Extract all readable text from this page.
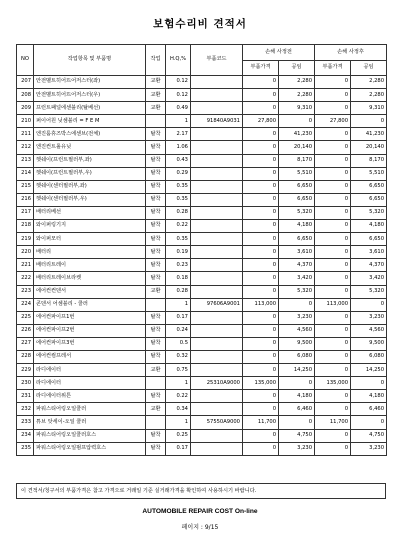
보험수리비 견적서
NO	작업항목 및 부품명	작업	H.Q,%	부품코드	손해 사정전		손해 사정후	
					부품가격	공임	부품가격	공임
207	안전벨트히어뜨어저스터(좌)	교환	0.12		0	2,280	0	2,280
208	안전벨트히어뜨어저스터(우)	교환	0.12		0	2,280	0	2,280
209	프런트패널에센블리(탈베선)	교환	0.49		0	9,310	0	9,310
210	퍼이어원 닛셈블리 = F E M		1	91840A9031	27,800	0	27,800	0
211	엔진룸휴즈박스에센브(전체)	탈착	2.17		0	41,230	0	41,230
212	엔진컨트롤유닛	탈착	1.06		0	20,140	0	20,140
213	헷쉐이(프런트필러부,좌)	탈착	0.43		0	8,170	0	8,170
214	헷쉐이(프런트필러부,우)	탈착	0.29		0	5,510	0	5,510
215	헷쉐이(센터필러부,좌)	탈착	0.35		0	6,650	0	6,650
216	헷쉐이(센터필러부,우)	탈착	0.35		0	6,650	0	6,650
217	배터리베선	탈착	0.28		0	5,320	0	5,320
218	와이퍼링기지	탈착	0.22		0	4,180	0	4,180
219	와이퍼모터	탈착	0.35		0	6,650	0	6,650
220	배터리	탈착	0.19		0	3,610	0	3,610
221	배터리트레이	탈착	0.23		0	4,370	0	4,370
222	배터리트레이브라켓	탈착	0.18		0	3,420	0	3,420
223	에어컨컨덴서	교환	0.28		0	5,320	0	5,320
224	콘덴서 어셈블리 - 쿨러		1	97606A9001	113,000	0	113,000	0
225	에어컨파이프1번	탈착	0.17		0	3,230	0	3,230
226	에어컨파이프2번	탈착	0.24		0	4,560	0	4,560
227	에어컨파이프3번	탈착	0.5		0	9,500	0	9,500
228	에어컨컴프레서	탈착	0.32		0	6,080	0	6,080
229	라디에이터	교환	0.75		0	14,250	0	14,250
230	라디에이터		1	25310A9000	135,000	0	135,000	0
231	라디에이터위튼	탈착	0.22		0	4,180	0	4,180
232	파워스티어링오일쿨러	교환	0.34		0	6,460	0	6,460
233	튜브 앗세이-오일 쿨러		1	57550A9000	11,700	0	11,700	0
234	파워스티어링오일쿨러호스	탈착	0.25		0	4,750	0	4,750
235	파워스티어링오일펌프압력호스	탈착	0.17		0	3,230	0	3,230
이 견적서/청구서의 부품가격은 참고 가격으로 거래일 기준 실거래가격을 확인하여 사용하시기 바랍니다.
AUTOMOBILE REPAIR COST On-line
페이지 : 9/15
